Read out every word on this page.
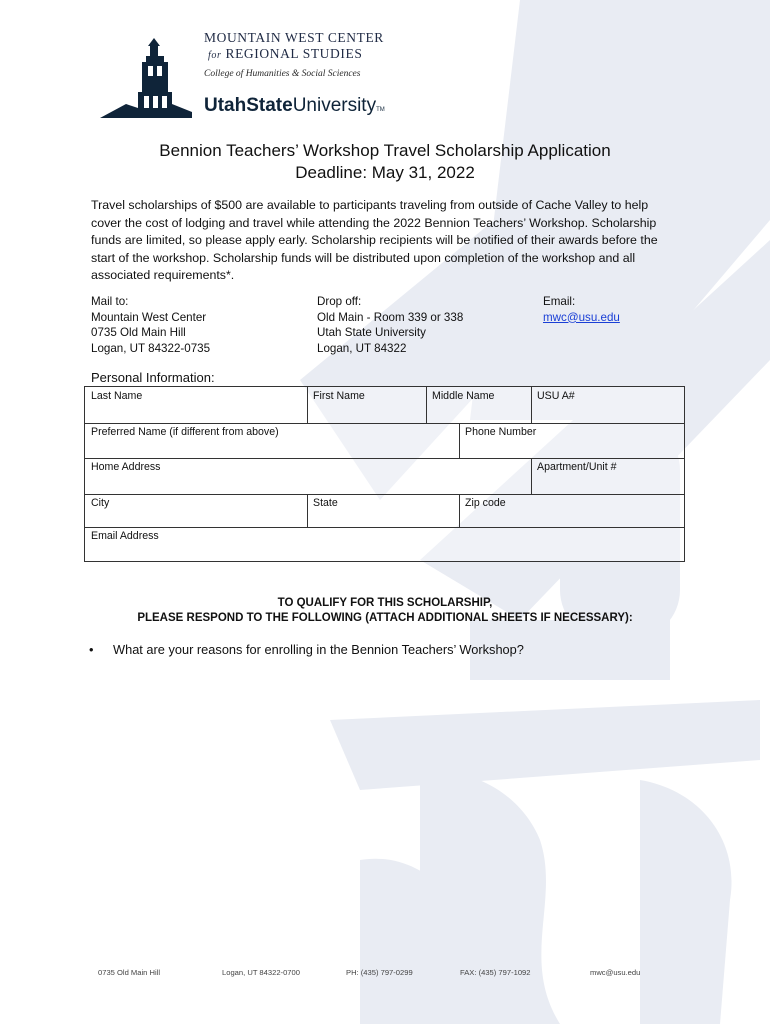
MOUNTAIN WEST CENTER
for REGIONAL STUDIES
College of Humanities & Social Sciences
UtahStateUniversityTM
Bennion Teachers’ Workshop Travel Scholarship Application
Deadline: May 31, 2022
Travel scholarships of $500 are available to participants traveling from outside of Cache Valley to help cover the cost of lodging and travel while attending the 2022 Bennion Teachers’ Workshop. Scholarship funds are limited, so please apply early. Scholarship recipients will be notified of their awards before the start of the workshop. Scholarship funds will be distributed upon completion of the workshop and all associated requirements*.
Mail to:
Mountain West Center
0735 Old Main Hill
Logan, UT 84322-0735
Drop off:
Old Main - Room 339 or 338
Utah State University
Logan, UT 84322
Email:
mwc@usu.edu
Personal Information:
Last Name	First Name	Middle Name	USU A#
Preferred Name (if different from above)	Phone Number
Home Address	Apartment/Unit #
City	State	Zip code
Email Address
TO QUALIFY FOR THIS SCHOLARSHIP,
PLEASE RESPOND TO THE FOLLOWING (ATTACH ADDITIONAL SHEETS IF NECESSARY):
• What are your reasons for enrolling in the Bennion Teachers’ Workshop?
0735 Old Main Hill	Logan, UT 84322-0700	PH: (435) 797-0299	FAX: (435) 797-1092	mwc@usu.edu
